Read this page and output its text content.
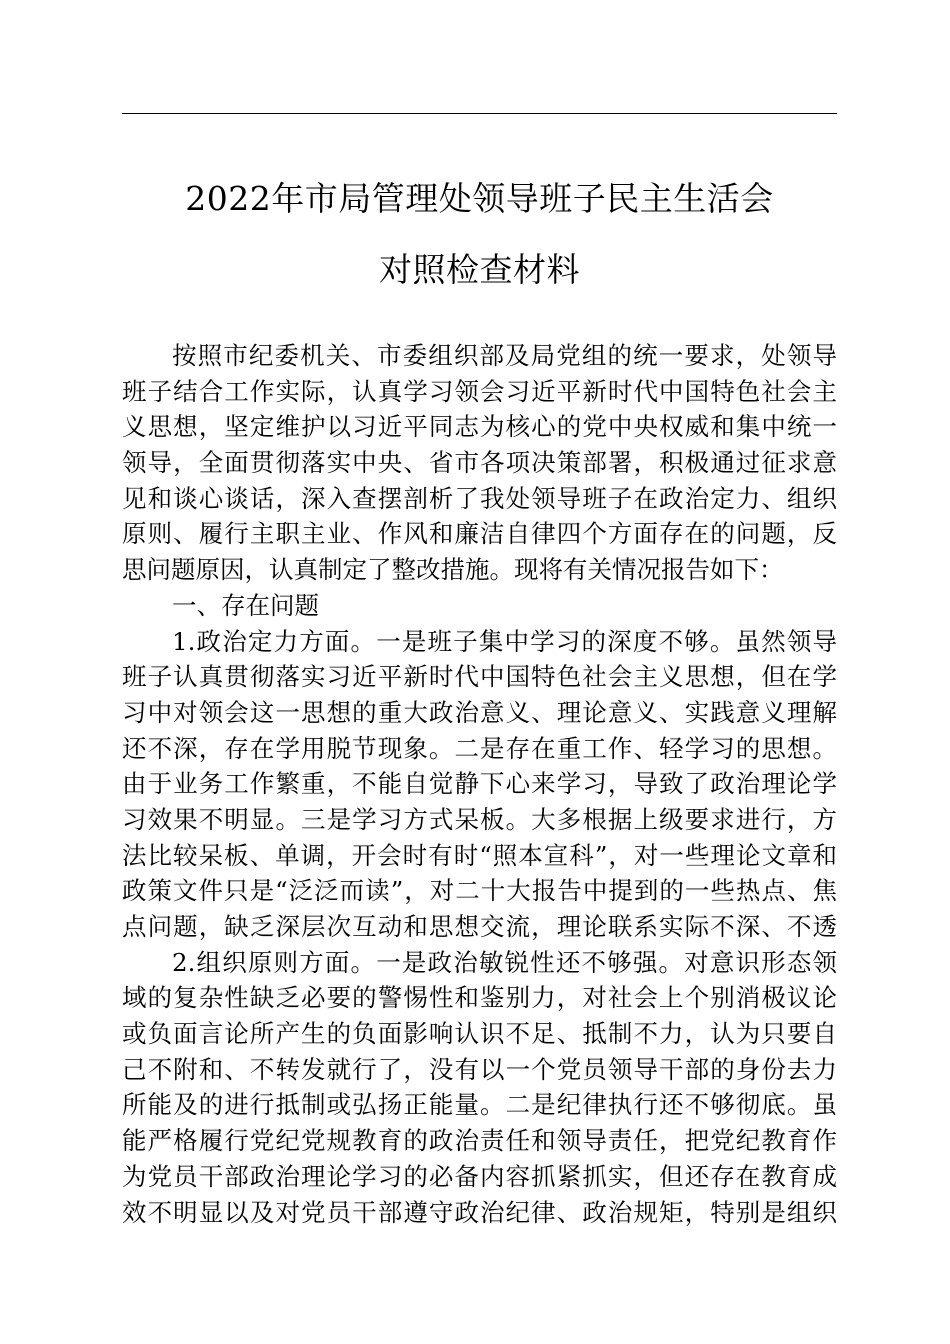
2022年市局管理处领导班子民主生活会
对照检查材料
按照市纪委机关、市委组织部及局党组的统一要求，处领导
班子结合工作实际，认真学习领会习近平新时代中国特色社会主
义思想，坚定维护以习近平同志为核心的党中央权威和集中统一
领导，全面贯彻落实中央、省市各项决策部署，积极通过征求意
见和谈心谈话，深入查摆剖析了我处领导班子在政治定力、组织
原则、履行主职主业、作风和廉洁自律四个方面存在的问题，反
思问题原因，认真制定了整改措施。现将有关情况报告如下：
一、存在问题
1.政治定力方面。一是班子集中学习的深度不够。虽然领导
班子认真贯彻落实习近平新时代中国特色社会主义思想，但在学
习中对领会这一思想的重大政治意义、理论意义、实践意义理解
还不深，存在学用脱节现象。二是存在重工作、轻学习的思想。
由于业务工作繁重，不能自觉静下心来学习，导致了政治理论学
习效果不明显。三是学习方式呆板。大多根据上级要求进行，方
法比较呆板、单调，开会时有时“照本宣科”，对一些理论文章和
政策文件只是“泛泛而读”，对二十大报告中提到的一些热点、焦
点问题，缺乏深层次互动和思想交流，理论联系实际不深、不透
2.组织原则方面。一是政治敏锐性还不够强。对意识形态领
域的复杂性缺乏必要的警惕性和鉴别力，对社会上个别消极议论
或负面言论所产生的负面影响认识不足、抵制不力，认为只要自
己不附和、不转发就行了，没有以一个党员领导干部的身份去力
所能及的进行抵制或弘扬正能量。二是纪律执行还不够彻底。虽
能严格履行党纪党规教育的政治责任和领导责任，把党纪教育作
为党员干部政治理论学习的必备内容抓紧抓实，但还存在教育成
效不明显以及对党员干部遵守政治纪律、政治规矩，特别是组织
